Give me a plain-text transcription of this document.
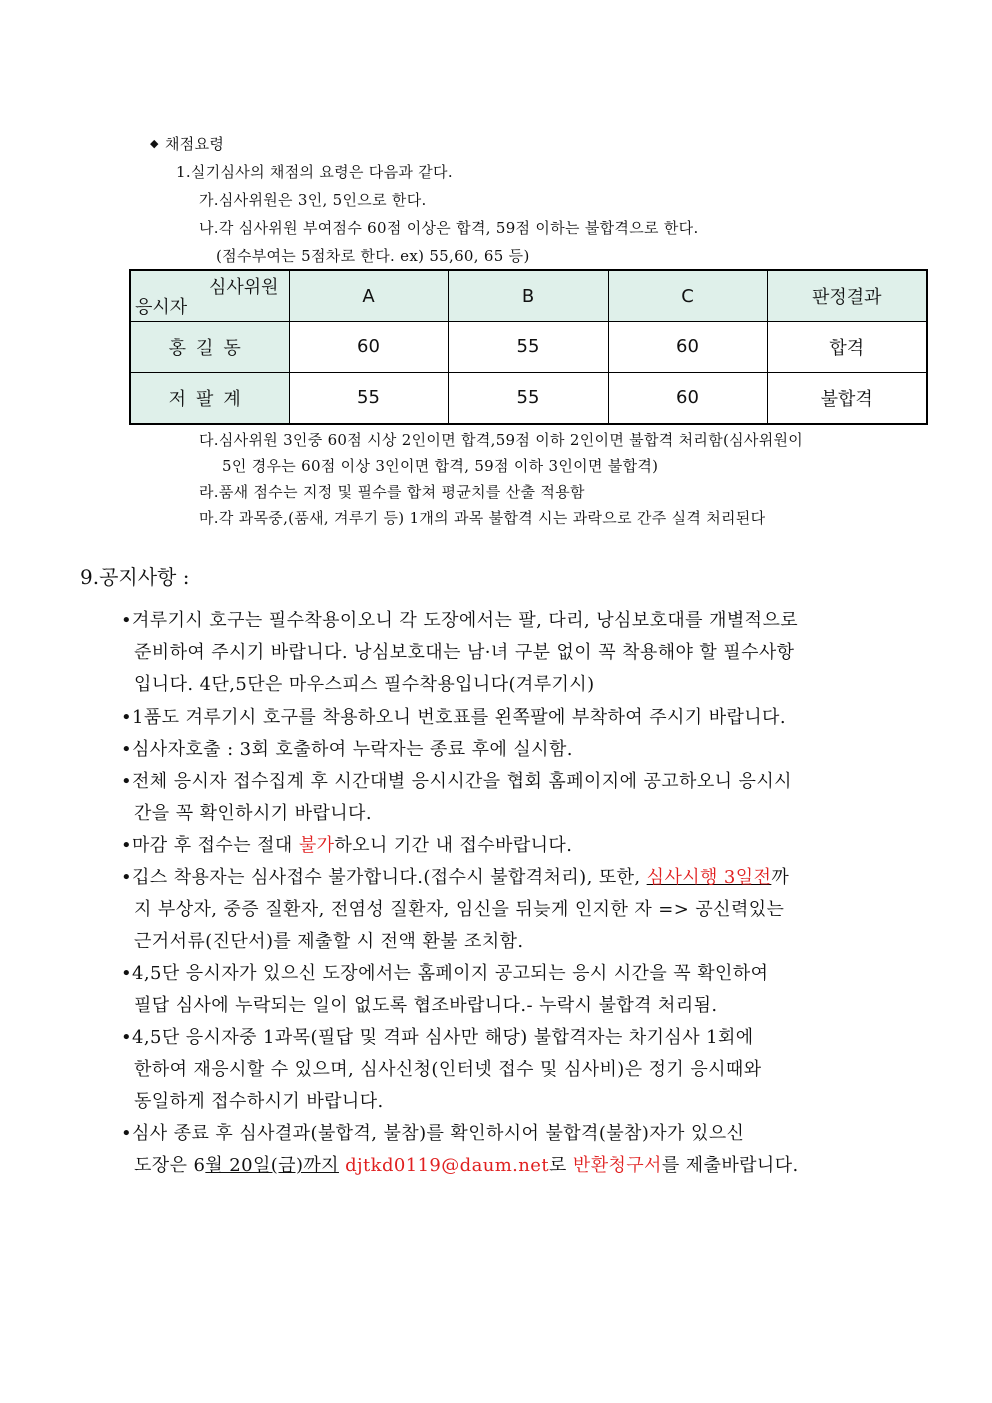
◆ 채점요령
1.실기심사의 채점의 요령은 다음과 같다.
가.심사위원은 3인, 5인으로 한다.
나.각 심사위원 부여점수 60점 이상은 합격, 59점 이하는 불합격으로 한다.
(점수부여는 5점차로 한다. ex) 55,60, 65 등)
심사위원
응시자	A	B	C	판정결과
홍길동	60	55	60	합격
저팔계	55	55	60	불합격
다.심사위원 3인중 60점 시상 2인이면 합격,59점 이하 2인이면 불합격 처리함(심사위원이
5인 경우는 60점 이상 3인이면 합격, 59점 이하 3인이면 불합격)
라.품새 점수는 지정 및 필수를 합쳐 평균치를 산출 적용함
마.각 과목중,(품새, 겨루기 등) 1개의 과목 불합격 시는 과락으로 간주 실격 처리된다
9.공지사항 :
•겨루기시 호구는 필수착용이오니 각 도장에서는 팔, 다리, 낭심보호대를 개별적으로
준비하여 주시기 바랍니다. 낭심보호대는 남·녀 구분 없이 꼭 착용해야 할 필수사항
입니다. 4단,5단은 마우스피스 필수착용입니다(겨루기시)
•1품도 겨루기시 호구를 착용하오니 번호표를 왼쪽팔에 부착하여 주시기 바랍니다.
•심사자호출 : 3회 호출하여 누락자는 종료 후에 실시함.
•전체 응시자 접수집계 후 시간대별 응시시간을 협회 홈페이지에 공고하오니 응시시
간을 꼭 확인하시기 바랍니다.
•마감 후 접수는 절대 불가하오니 기간 내 접수바랍니다.
•깁스 착용자는 심사접수 불가합니다.(접수시 불합격처리), 또한, 심사시행 3일전까
지 부상자, 중증 질환자, 전염성 질환자, 임신을 뒤늦게 인지한 자 => 공신력있는
근거서류(진단서)를 제출할 시 전액 환불 조치함.
•4,5단 응시자가 있으신 도장에서는 홈페이지 공고되는 응시 시간을 꼭 확인하여
필답 심사에 누락되는 일이 없도록 협조바랍니다.- 누락시 불합격 처리됨.
•4,5단 응시자중 1과목(필답 및 격파 심사만 해당) 불합격자는 차기심사 1회에
한하여 재응시할 수 있으며, 심사신청(인터넷 접수 및 심사비)은 정기 응시때와
동일하게 접수하시기 바랍니다.
•심사 종료 후 심사결과(불합격, 불참)를 확인하시어 불합격(불참)자가 있으신
도장은 6월 20일(금)까지 djtkd0119@daum.net로 반환청구서를 제출바랍니다.
